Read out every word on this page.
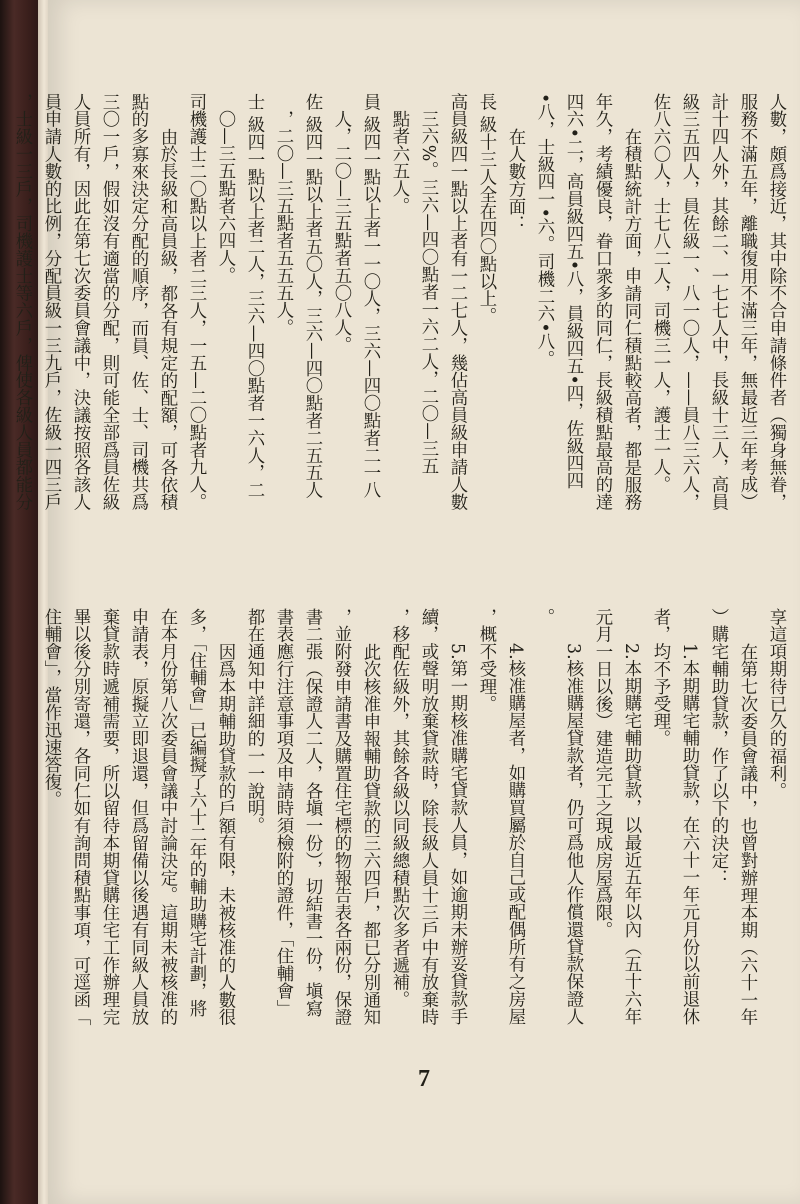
人數，頗爲接近，其中除不合申請條件者（獨身無眷，

服務不滿五年，離職復用不滿三年，無最近三年考成）

計十四人外，其餘二、一七七人中，長級十三人，高員

級三五四人，員佐級一、八一〇人，——員八三六人，

佐八六〇人，士七八二人，司機三一人，護士一人。

在積點統計方面，申請同仁積點較高者，都是服務

年久，考績優良，眷口衆多的同仁，長級積點最高的達

四六•二，高員級四五•八，員級四五•四，佐級四四

•八，士級四一•六。司機二六•八。

在人數方面：

長 級十三人全在四〇點以上。

高員級四一點以上者有一二七人，幾佔高員級申請人數

三六%。三六—四〇點者一六二人，二〇—三五

點者六五人。

員 級四一點以上者一一〇人，三六—四〇點者二一八

人，二〇—三五點者五〇八人。

佐 級四一點以上者五〇人，三六—四〇點者二五五人

，二〇—三五點者五五五人。

士 級四一點以上者二人，三六—四〇點者一六人，二

〇—三五點者六四人。

司機護士二〇點以上者二三人，一五—二〇點者九人。

由於長級和高員級，都各有規定的配額，可各依積

點的多寡來決定分配的順序，而員、佐、士、司機共爲

三〇一戶，假如沒有適當的分配，則可能全部爲員佐級

人員所有，因此在第七次委員會議中，決議按照各該人

員申請人數的比例，分配員級一三九戶，佐級一四三戶

，士級一三戶，司機護士等六戶，俾使各級人員都能分

享這項期待已久的福利。

在第七次委員會議中，也曾對辦理本期（六十一年

）購宅輔助貸款，作了以下的決定：

1.本期購宅輔助貸款，在六十一年元月份以前退休

者，均不予受理。

2.本期購宅輔助貸款，以最近五年以內（五十六年

元月一日以後）建造完工之現成房屋爲限。

3.核准購屋貸款者，仍可爲他人作償還貸款保證人

。

4.核准購屋者，如購買屬於自己或配偶所有之房屋

，概不受理。

5.第一期核准購宅貸款人員，如逾期未辦妥貸款手

續，或聲明放棄貸款時，除長級人員十三戶中有放棄時

，移配佐級外，其餘各級以同級總積點次多者遞補。

此次核准申報輔助貸款的三六四戶，都已分別通知

，並附發申請書及購置住宅標的物報告表各兩份，保證

書二張（保證人二人，各塡一份），切結書一份，塡寫

書表應行注意事項及申請時須檢附的證件，「住輔會」

都在通知中詳細的一一說明。

因爲本期輔助貸款的戶額有限，未被核准的人數很

多，「住輔會」已編擬了六十二年的輔助購宅計劃，將

在本月份第八次委員會議中討論決定。這期未被核准的

申請表，原擬立即退還，但爲留備以後遇有同級人員放

棄貸款時遞補需要，所以留待本期貸購住宅工作辦理完

畢以後分別寄還，各同仁如有詢問積點事項，可逕函「

住輔會」，當作迅速答復。

7
